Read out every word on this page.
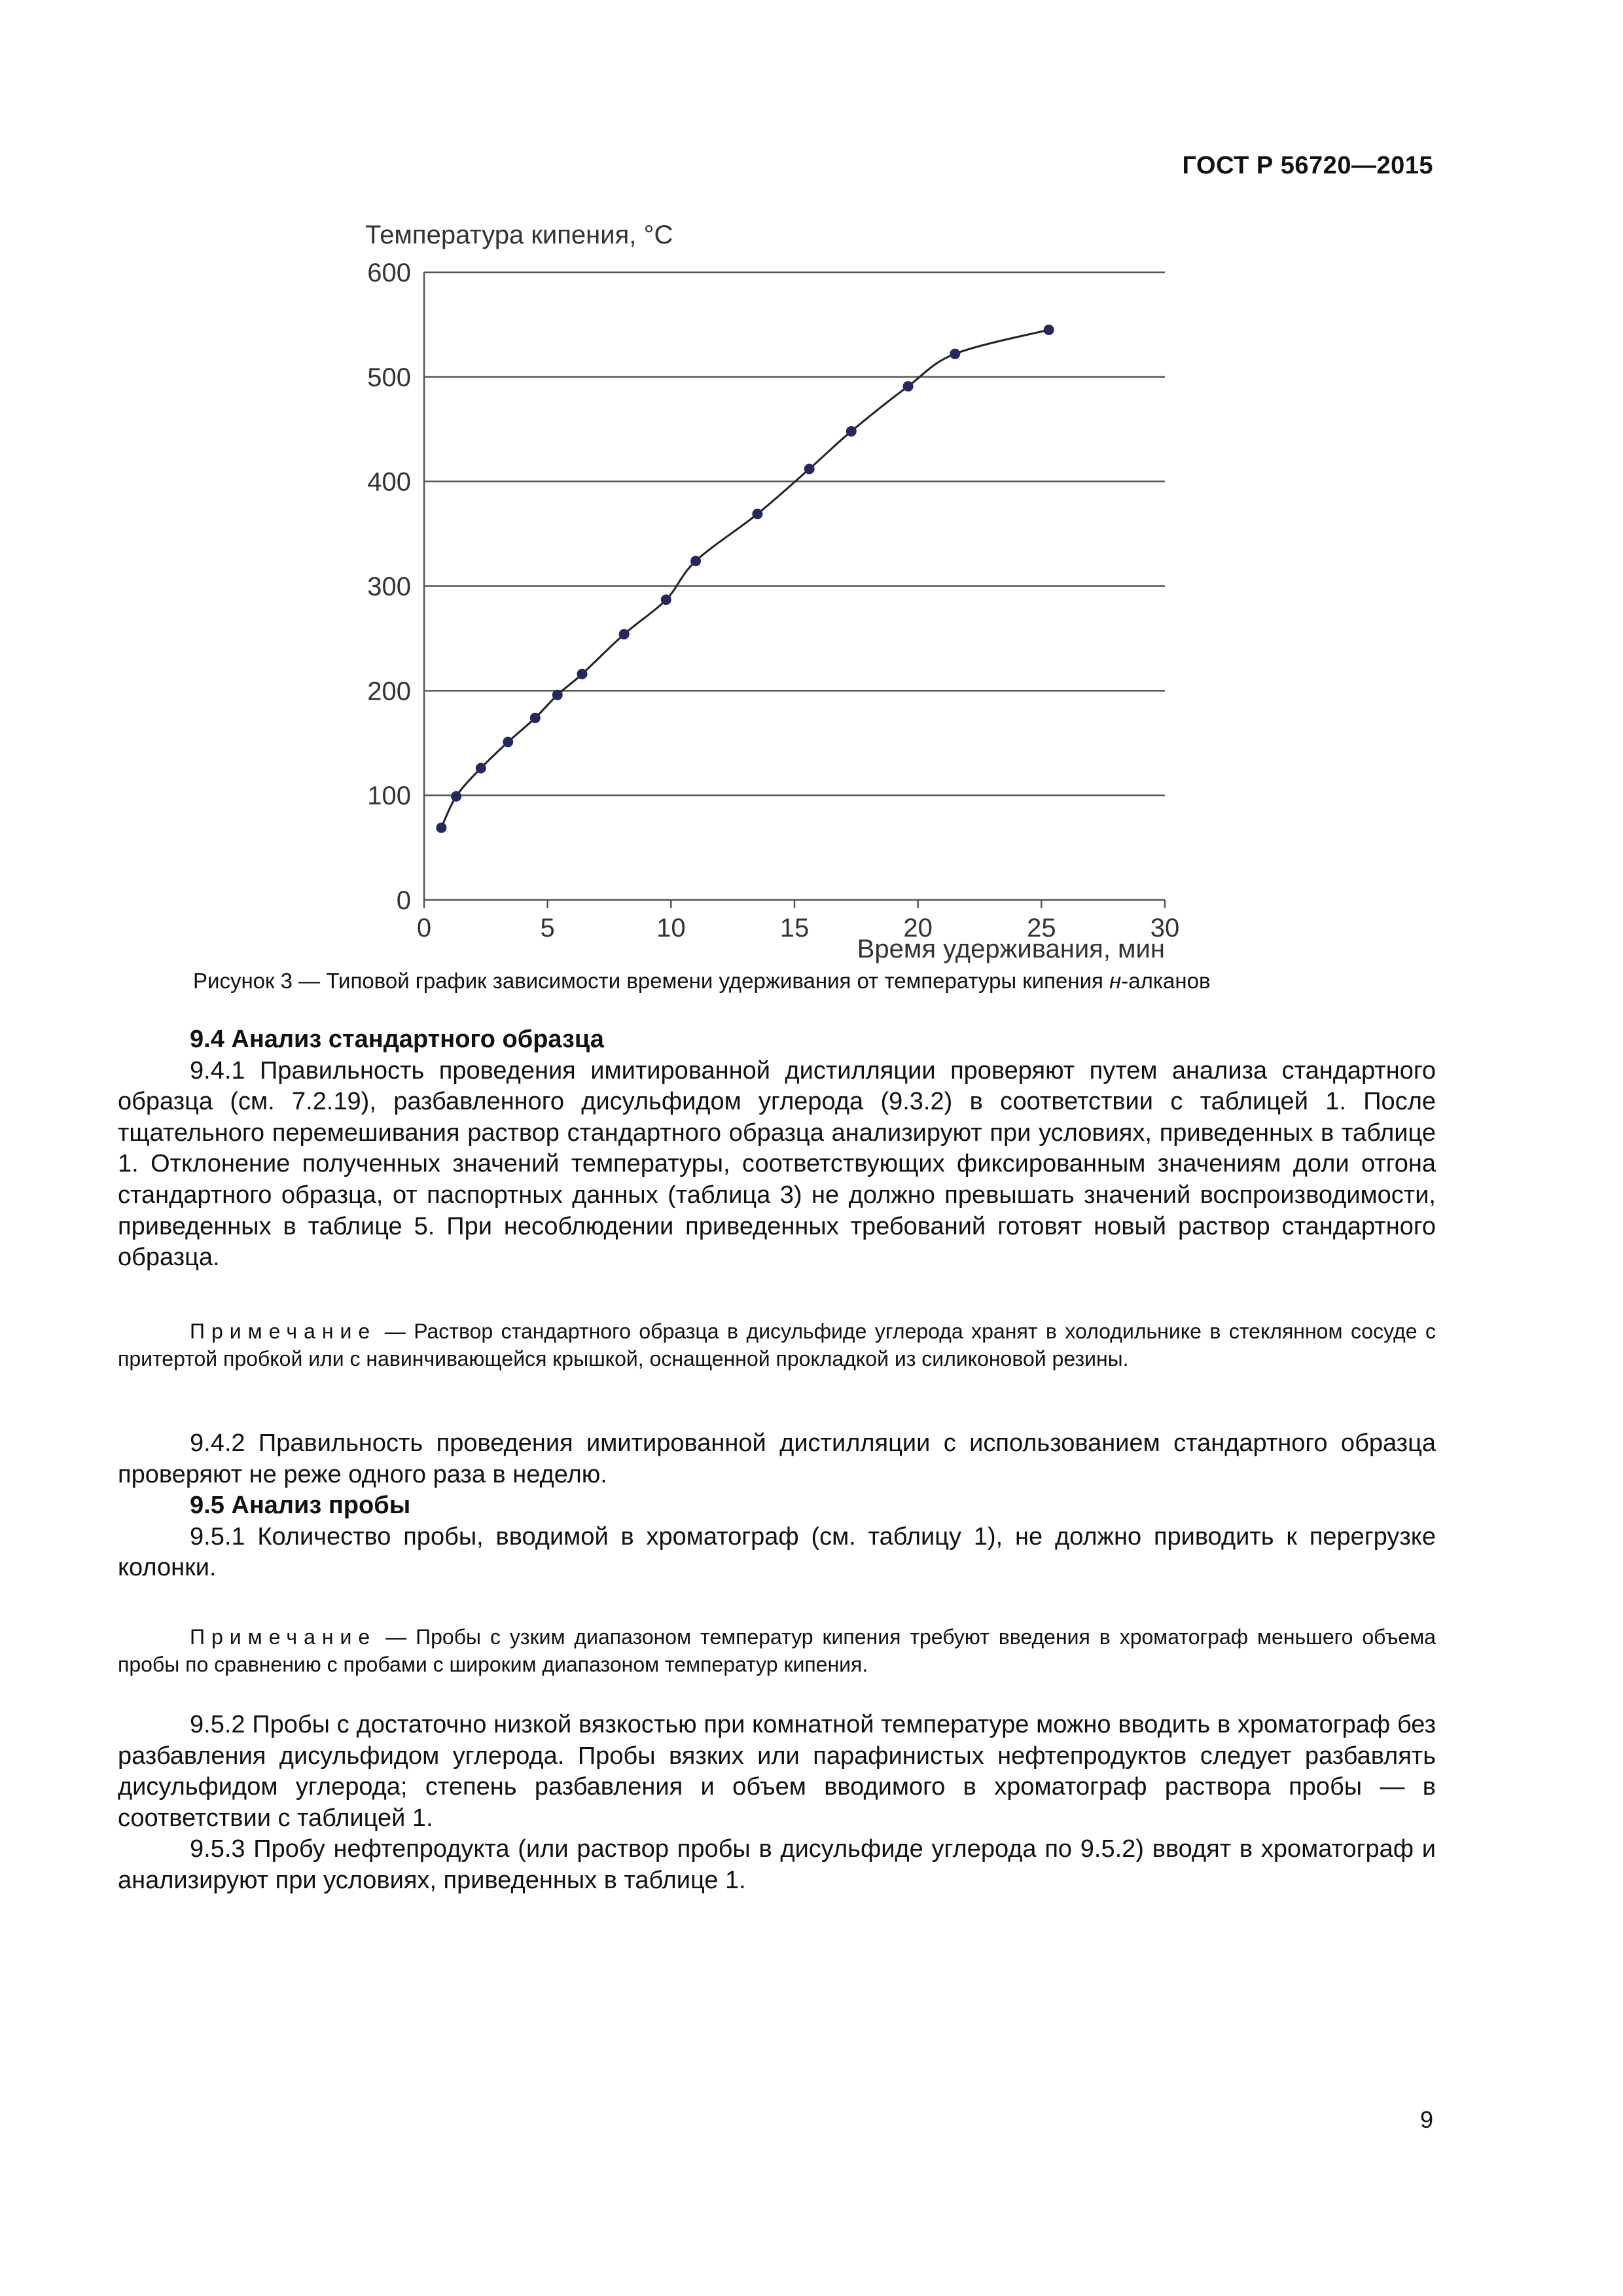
ГОСТ Р 56720—2015
0	5	10	15	20	25	30
0
100
200
300
400
500
600
Температура кипения, °С
Время удерживания, мин
Рисунок 3 — Типовой график зависимости времени удерживания от температуры кипения н-алканов

9.4 Анализ стандартного образца

9.4.1 Правильность проведения имитированной дистилляции проверяют путем анализа стандартного образца (см. 7.2.19), разбавленного дисульфидом углерода (9.3.2) в соответствии с таблицей 1. После тщательного перемешивания раствор стандартного образца анализируют при условиях, приведенных в таблице 1. Отклонение полученных значений температуры, соответствующих фиксированным значениям доли отгона стандартного образца, от паспортных данных (таблица 3) не должно превышать значений воспроизводимости, приведенных в таблице 5. При несоблюдении приведенных требований готовят новый раствор стандартного образца.

Примечание — Раствор стандартного образца в дисульфиде углерода хранят в холодильнике в стеклянном сосуде с притертой пробкой или с навинчивающейся крышкой, оснащенной прокладкой из силиконовой резины.

9.4.2 Правильность проведения имитированной дистилляции с использованием стандартного образца проверяют не реже одного раза в неделю.

9.5 Анализ пробы

9.5.1 Количество пробы, вводимой в хроматограф (см. таблицу 1), не должно приводить к перегрузке колонки.

Примечание — Пробы с узким диапазоном температур кипения требуют введения в хроматограф меньшего объема пробы по сравнению с пробами с широким диапазоном температур кипения.

9.5.2 Пробы с достаточно низкой вязкостью при комнатной температуре можно вводить в хроматограф без разбавления дисульфидом углерода. Пробы вязких или парафинистых нефтепродуктов следует разбавлять дисульфидом углерода; степень разбавления и объем вводимого в хроматограф раствора пробы — в соответствии с таблицей 1.

9.5.3 Пробу нефтепродукта (или раствор пробы в дисульфиде углерода по 9.5.2) вводят в хроматограф и анализируют при условиях, приведенных в таблице 1.

9
